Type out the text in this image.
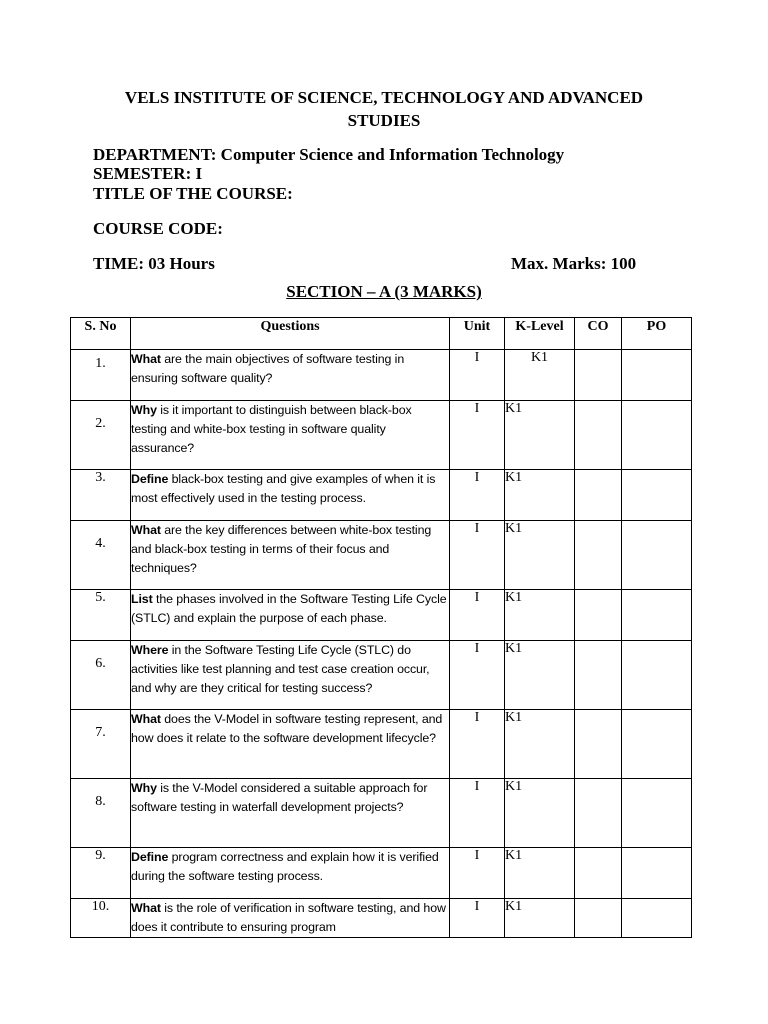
VELS INSTITUTE OF SCIENCE, TECHNOLOGY AND ADVANCED
STUDIES
DEPARTMENT: Computer Science and Information Technology
SEMESTER: I
TITLE OF THE COURSE:
COURSE CODE:
TIME: 03 Hours	Max. Marks: 100
SECTION – A (3 MARKS)
S. No	Questions	Unit	K-Level	CO	PO
1.	What are the main objectives of software testing in ensuring software quality?	I	K1		
2.	Why is it important to distinguish between black-box testing and white-box testing in software quality assurance?	I	K1		
3.	Define black-box testing and give examples of when it is most effectively used in the testing process.	I	K1		
4.	What are the key differences between white-box testing and black-box testing in terms of their focus and techniques?	I	K1		
5.	List the phases involved in the Software Testing Life Cycle (STLC) and explain the purpose of each phase.	I	K1		
6.	Where in the Software Testing Life Cycle (STLC) do activities like test planning and test case creation occur, and why are they critical for testing success?	I	K1		
7.	What does the V-Model in software testing represent, and how does it relate to the software development lifecycle?	I	K1		
8.	Why is the V-Model considered a suitable approach for software testing in waterfall development projects?	I	K1		
9.	Define program correctness and explain how it is verified during the software testing process.	I	K1		
10.	What is the role of verification in software testing, and how does it contribute to ensuring program	I	K1		
